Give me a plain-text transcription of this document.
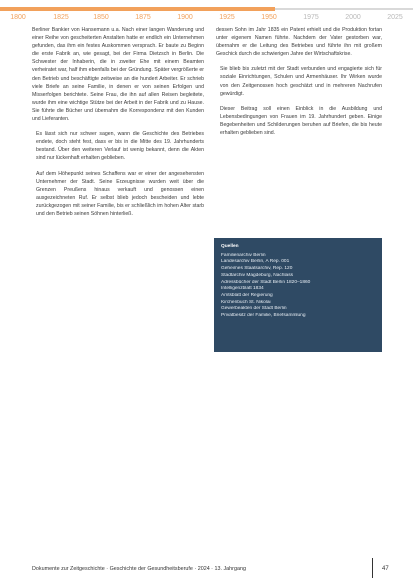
1800	1825	1850	1875	1900	1925	1950	1975	2000	2025

Berliner Bankier von Hansemann u.a. Nach einer langen Wanderung und einer Reihe von gescheiterten Anstalten hatte er endlich ein Unternehmen gefunden, das ihm ein festes Auskommen versprach. Er baute zu Beginn die erste Fabrik an, wie gesagt, bei der Firma Dietzsch in Berlin. Die Schwester der Inhaberin, die in zweiter Ehe mit einem Beamten verheiratet war, half ihm ebenfalls bei der Gründung. Später vergrößerte er den Betrieb und beschäftigte zeitweise an die hundert Arbeiter. Er schrieb viele Briefe an seine Familie, in denen er von seinen Erfolgen und Misserfolgen berichtete. Seine Frau, die ihn auf allen Reisen begleitete, wurde ihm eine wichtige Stütze bei der Arbeit in der Fabrik und zu Hause. Sie führte die Bücher und übernahm die Korrespondenz mit den Kunden und Lieferanten.

Es lässt sich nur schwer sagen, wann die Geschichte des Betriebes endete, doch steht fest, dass er bis in die Mitte des 19. Jahrhunderts bestand. Über den weiteren Verlauf ist wenig bekannt, denn die Akten sind nur lückenhaft erhalten geblieben.

Auf dem Höhepunkt seines Schaffens war er einer der angesehensten Unternehmer der Stadt. Seine Erzeugnisse wurden weit über die Grenzen Preußens hinaus verkauft und genossen einen ausgezeichneten Ruf. Er selbst blieb jedoch bescheiden und lebte zurückgezogen mit seiner Familie, bis er schließlich im hohen Alter starb und den Betrieb seinen Söhnen hinterließ.

dessen Sohn im Jahr 1835 ein Patent erhielt und die Produktion fortan unter eigenem Namen führte. Nachdem der Vater gestorben war, übernahm er die Leitung des Betriebes und führte ihn mit großem Geschick durch die schwierigen Jahre der Wirtschaftskrise.

Sie blieb bis zuletzt mit der Stadt verbunden und engagierte sich für soziale Einrichtungen, Schulen und Armenhäuser. Ihr Wirken wurde von den Zeitgenossen hoch geschätzt und in mehreren Nachrufen gewürdigt.

Dieser Beitrag soll einen Einblick in die Ausbildung und Lebensbedingungen von Frauen im 19. Jahrhundert geben. Einige Begebenheiten und Schilderungen beruhen auf Briefen, die bis heute erhalten geblieben sind.

Quellen
Familienarchiv Berlin
Landesarchiv Berlin, A Rep. 001
Geheimes Staatsarchiv, Rep. 120
Stadtarchiv Magdeburg, Nachlass
Adressbücher der Stadt Berlin 1820–1860
Intelligenzblatt 1834
Amtsblatt der Regierung
Kirchenbuch St. Nikolai
Gewerbeakten der Stadt Berlin
Privatbesitz der Familie, Briefsammlung
Dokumente zur Zeitgeschichte · Geschichte der Gesundheitsberufe · 2024 · 13. Jahrgang	47
